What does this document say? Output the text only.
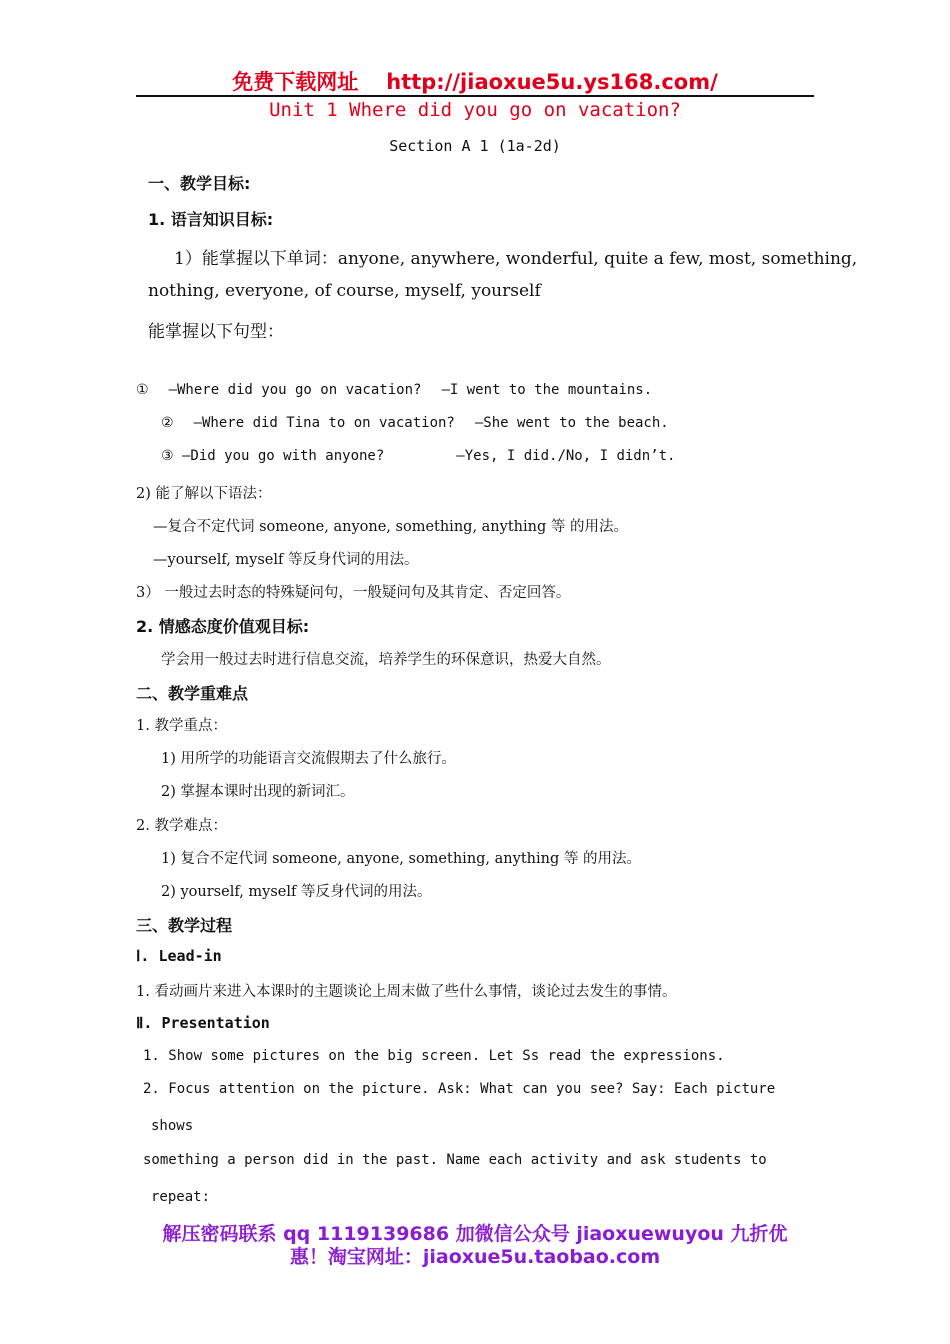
免费下载网址 http://jiaoxue5u.ys168.com/
Unit 1 Where did you go on vacation?
Section A 1 (1a-2d)
一、教学目标:
1. 语言知识目标:
1）能掌握以下单词：anyone, anywhere, wonderful, quite a few, most, something,
nothing, everyone, of course, myself, yourself
能掌握以下句型：
① —Where did you go on vacation? —I went to the mountains.
② —Where did Tina to on vacation? —She went to the beach.
③ —Did you go with anyone?	—Yes, I did./No, I didn’t.
2) 能了解以下语法：
—复合不定代词 someone, anyone, something, anything 等 的用法。
—yourself, myself 等反身代词的用法。
3） 一般过去时态的特殊疑问句，一般疑问句及其肯定、否定回答。
2. 情感态度价值观目标:
学会用一般过去时进行信息交流，培养学生的环保意识，热爱大自然。
二、教学重难点
1. 教学重点：
1) 用所学的功能语言交流假期去了什么旅行。
2) 掌握本课时出现的新词汇。
2. 教学难点：
1) 复合不定代词 someone, anyone, something, anything 等 的用法。
2) yourself, myself 等反身代词的用法。
三、教学过程
Ⅰ. Lead-in
1. 看动画片来进入本课时的主题谈论上周末做了些什么事情，谈论过去发生的事情。
Ⅱ. Presentation
1. Show some pictures on the big screen. Let Ss read the expressions.
2. Focus attention on the picture. Ask: What can you see? Say: Each picture
shows
something a person did in the past. Name each activity and ask students to
repeat:
解压密码联系 qq 1119139686 加微信公众号 jiaoxuewuyou 九折优
惠！淘宝网址：jiaoxue5u.taobao.com
